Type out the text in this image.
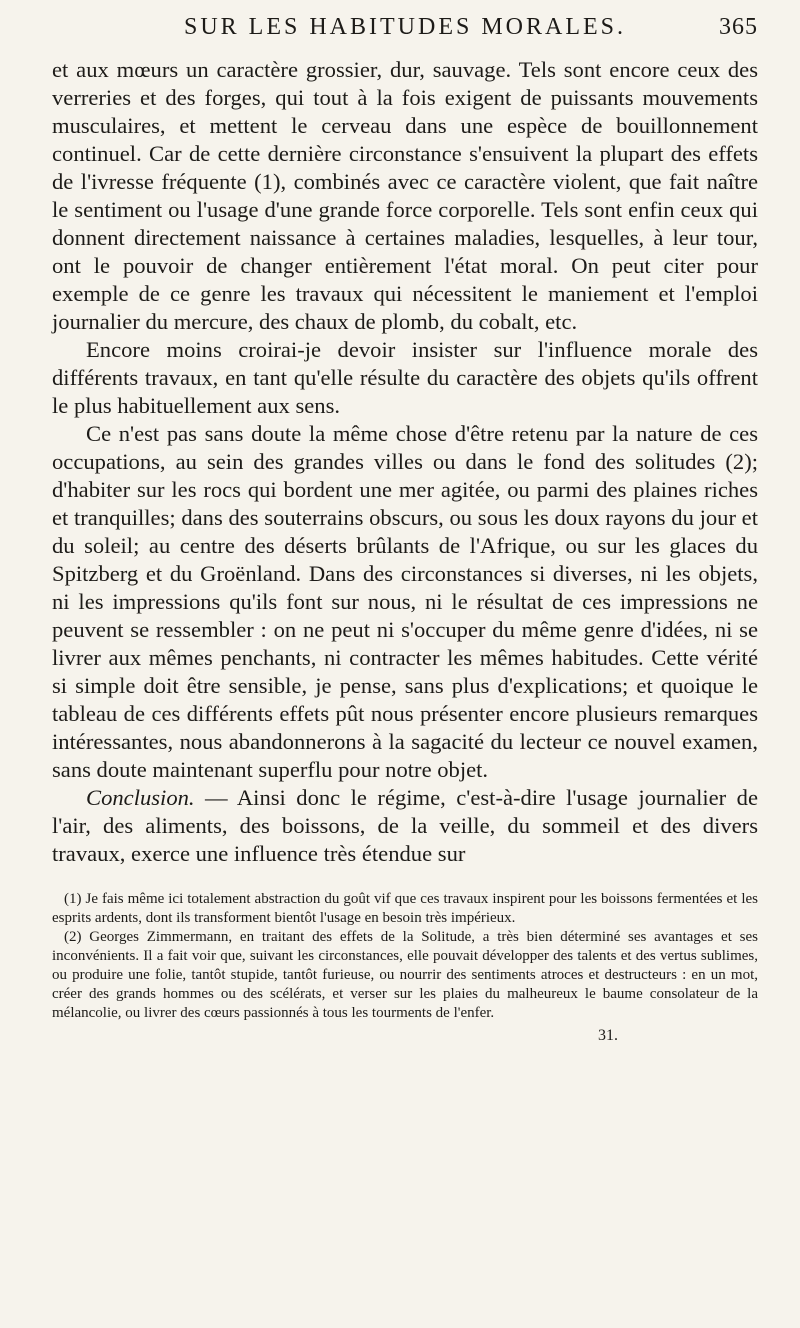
SUR LES HABITUDES MORALES.	365

et aux mœurs un caractère grossier, dur, sauvage. Tels sont encore ceux des verreries et des forges, qui tout à la fois exigent de puissants mouvements musculaires, et mettent le cerveau dans une espèce de bouillonnement continuel. Car de cette dernière circonstance s'ensuivent la plupart des effets de l'ivresse fréquente (1), combinés avec ce caractère violent, que fait naître le sentiment ou l'usage d'une grande force corporelle. Tels sont enfin ceux qui donnent directement naissance à certaines maladies, lesquelles, à leur tour, ont le pouvoir de changer entièrement l'état moral. On peut citer pour exemple de ce genre les travaux qui nécessitent le maniement et l'emploi journalier du mercure, des chaux de plomb, du cobalt, etc.

Encore moins croirai-je devoir insister sur l'influence morale des différents travaux, en tant qu'elle résulte du caractère des objets qu'ils offrent le plus habituellement aux sens.

Ce n'est pas sans doute la même chose d'être retenu par la nature de ces occupations, au sein des grandes villes ou dans le fond des solitudes (2); d'habiter sur les rocs qui bordent une mer agitée, ou parmi des plaines riches et tranquilles; dans des souterrains obscurs, ou sous les doux rayons du jour et du soleil; au centre des déserts brûlants de l'Afrique, ou sur les glaces du Spitzberg et du Groënland. Dans des circonstances si diverses, ni les objets, ni les impressions qu'ils font sur nous, ni le résultat de ces impressions ne peuvent se ressembler : on ne peut ni s'occuper du même genre d'idées, ni se livrer aux mêmes penchants, ni contracter les mêmes habitudes. Cette vérité si simple doit être sensible, je pense, sans plus d'explications; et quoique le tableau de ces différents effets pût nous présenter encore plusieurs remarques intéressantes, nous abandonnerons à la sagacité du lecteur ce nouvel examen, sans doute maintenant superflu pour notre objet.

Conclusion. — Ainsi donc le régime, c'est-à-dire l'usage journalier de l'air, des aliments, des boissons, de la veille, du sommeil et des divers travaux, exerce une influence très étendue sur

(1) Je fais même ici totalement abstraction du goût vif que ces travaux inspirent pour les boissons fermentées et les esprits ardents, dont ils transforment bientôt l'usage en besoin très impérieux.

(2) Georges Zimmermann, en traitant des effets de la Solitude, a très bien déterminé ses avantages et ses inconvénients. Il a fait voir que, suivant les circonstances, elle pouvait développer des talents et des vertus sublimes, ou produire une folie, tantôt stupide, tantôt furieuse, ou nourrir des sentiments atroces et destructeurs : en un mot, créer des grands hommes ou des scélérats, et verser sur les plaies du malheureux le baume consolateur de la mélancolie, ou livrer des cœurs passionnés à tous les tourments de l'enfer.

31.
